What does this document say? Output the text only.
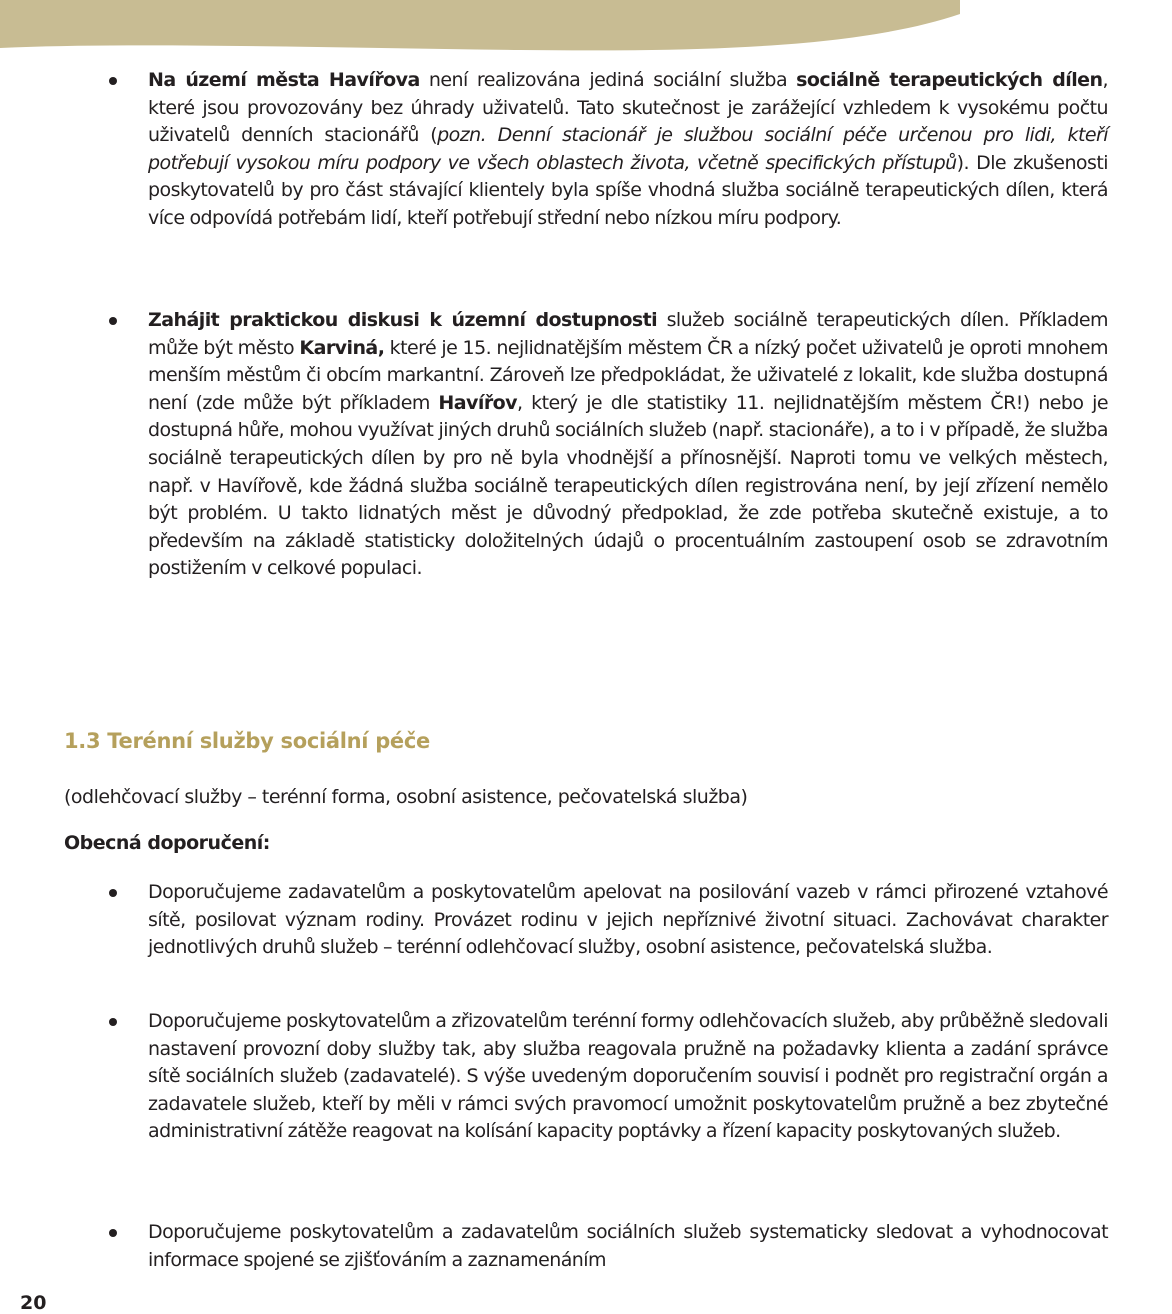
Na území města Havířova není realizována jediná sociální služba sociálně terapeutických dílen, které jsou provozovány bez úhrady uživatelů. Tato skutečnost je zarážející vzhledem k vysokému počtu uživatelů denních stacionářů (pozn. Denní stacionář je službou sociální péče určenou pro lidi, kteří potřebují vysokou míru podpory ve všech oblastech života, včetně specifických přístupů). Dle zkušenosti poskytovatelů by pro část stávající klientely byla spíše vhodná služba sociálně terapeutických dílen, která více odpovídá potřebám lidí, kteří potřebují střední nebo nízkou míru podpory.
Zahájit praktickou diskusi k územní dostupnosti služeb sociálně terapeutických dílen. Příkladem může být město Karviná, které je 15. nejlidnatějším městem ČR a nízký počet uživatelů je oproti mnohem menším městům či obcím markantní. Zároveň lze předpokládat, že uživatelé z lokalit, kde služba dostupná není (zde může být příkladem Havířov, který je dle statistiky 11. nejlidnatějším městem ČR!) nebo je dostupná hůře, mohou využívat jiných druhů sociálních služeb (např. stacionáře), a to i v případě, že služba sociálně terapeutických dílen by pro ně byla vhodnější a přínosnější. Naproti tomu ve velkých městech, např. v Havířově, kde žádná služba sociálně terapeutických dílen registrována není, by její zřízení nemělo být problém. U takto lidnatých měst je důvodný předpoklad, že zde potřeba skutečně existuje, a to především na základě statisticky doložitelných údajů o procentuálním zastoupení osob se zdravotním postižením v celkové populaci.
1.3 Terénní služby sociální péče
(odlehčovací služby – terénní forma, osobní asistence, pečovatelská služba)
Obecná doporučení:
Doporučujeme zadavatelům a poskytovatelům apelovat na posilování vazeb v rámci přirozené vztahové sítě, posilovat význam rodiny. Provázet rodinu v jejich nepříznivé životní situaci. Zachovávat charakter jednotlivých druhů služeb – terénní odlehčovací služby, osobní asistence, pečovatelská služba.
Doporučujeme poskytovatelům a zřizovatelům terénní formy odlehčovacích služeb, aby průběžně sledovali nastavení provozní doby služby tak, aby služba reagovala pružně na požadavky klienta a zadání správce sítě sociálních služeb (zadavatelé). S výše uvedeným doporučením souvisí i podnět pro registrační orgán a zadavatele služeb, kteří by měli v rámci svých pravomocí umožnit poskytovatelům pružně a bez zbytečné administrativní zátěže reagovat na kolísání kapacity poptávky a řízení kapacity poskytovaných služeb.
Doporučujeme poskytovatelům a zadavatelům sociálních služeb systematicky sledovat a vyhodnocovat informace spojené se zjišťováním a zaznamenáním
20
